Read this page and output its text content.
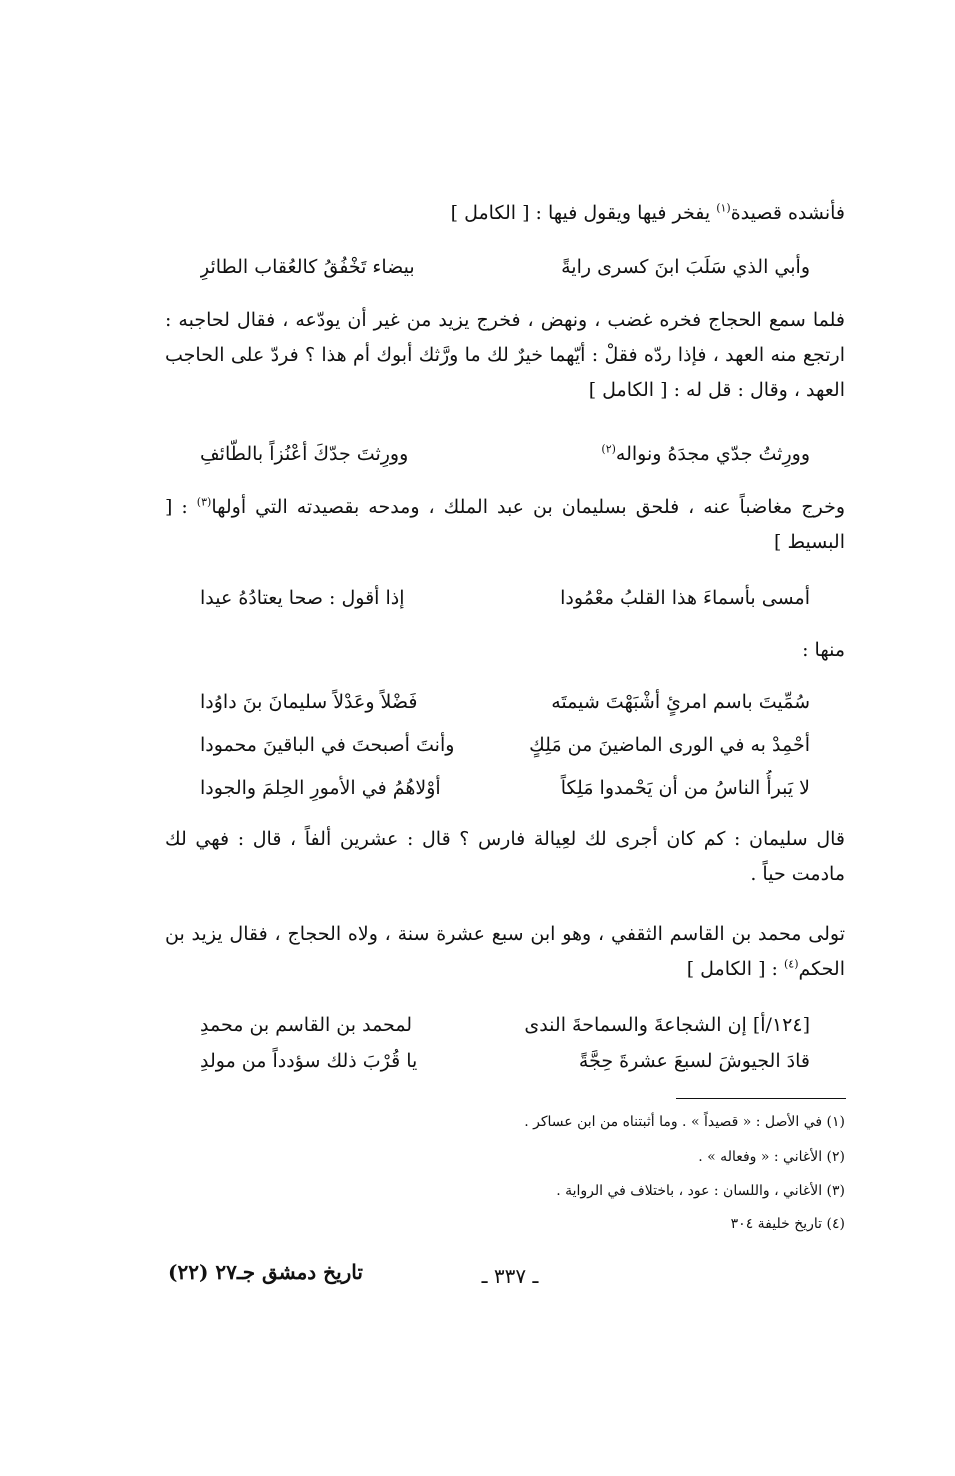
فأنشده قصيدة$^{(١)}$ يفخر فيها ويقول فيها : [ الكامل ]
وأبي الذي سَلَبَ ابنَ كسرى رايةً
بيضاء تَخْفُقُ كالعُقاب الطائرِ
فلما سمع الحجاج فخره غضب ، ونهض ، فخرج يزيد من غير أن يودّعه ، فقال لحاجبه : ارتجع منه العهد ، فإذا ردّه فقلْ : أيّهما خيرٌ لك ما ورَّثك أبوك أم هذا ؟ فردّ على الحاجب العهد ، وقال : قل له : [ الكامل ]
وورِثتُ جدّي مجدَهُ ونواله$^{(٢)}$
وورِثتَ جدّكَ أعْنُزاً بالطّائفِ
وخرج مغاضباً عنه ، فلحق بسليمان بن عبد الملك ، ومدحه بقصيدته التي أولها$^{(٣)}$ : [ البسيط ]
أمسى بأسماءَ هذا القلبُ معْمُودا
إذا أقول : صحا يعتادُهُ عيدا
منها :
سُمِّيتَ باسم امرئٍ أشْبَهْتَ شيمتَه
فَضْلاً وعَدْلاً سليمانَ بنَ داوُدا
أحْمِدْ به في الورى الماضينَ من مَلِكٍ
وأنتَ أصبحتَ في الباقينَ محمودا
لا يَبرأُ الناسُ من أن يَحْمدوا مَلِكاً
أوْلاهُمُ في الأمورِ الحِلمَ والجودا
قال سليمان : كم كان أجرى لك لعِيالة فارس ؟ قال : عشرين ألفاً ، قال : فهي لك مادمت حياً .
تولى محمد بن القاسم الثقفي ، وهو ابن سبع عشرة سنة ، ولاه الحجاج ، فقال يزيد بن الحكم$^{(٤)}$ : [ الكامل ]
[١٢٤/أ] إن الشجاعةَ والسماحةَ الندى
لمحمد بن القاسم بن محمدِ
قادَ الجيوشَ لسبعَ عشرةَ حِجَّةً
يا قُرْبَ ذلك سؤدداً من مولدِ
(١) في الأصل : « قصيداً » . وما أثبتناه من ابن عساكر .
(٢) الأغاني : « وفعاله » .
(٣) الأغاني ، واللسان : عود ، باختلاف في الرواية .
(٤) تاريخ خليفة ٣٠٤
ـ ٣٣٧ ـ
تاريخ دمشق جـ٢٧ (٢٢)
